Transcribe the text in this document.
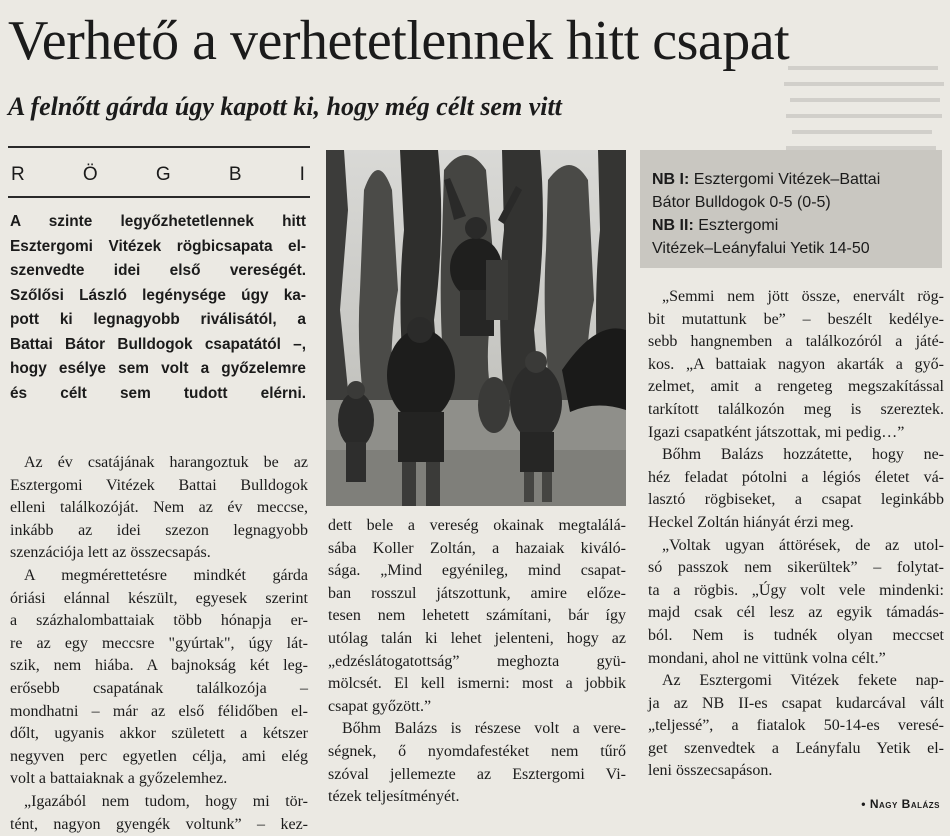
Verhető a verhetetlennek hitt csapat
A felnőtt gárda úgy kapott ki, hogy még célt sem vitt
R	Ö	G	B	I
A szinte legyőzhetetlennek hitt
Esztergomi Vitézek rögbicsapata el-
szenvedte idei első vereségét.
Szőlősi László legénysége úgy ka-
pott ki legnagyobb riválisától, a
Battai Bátor Bulldogok csapatától –,
hogy esélye sem volt a győzelemre
és célt sem tudott elérni.
Az év csatájának harangoztuk be az
Esztergomi Vitézek Battai Bulldogok
elleni találkozóját. Nem az év meccse,
inkább az idei szezon legnagyobb
szenzációja lett az összecsapás.
A megmérettetésre mindkét gárda
óriási elánnal készült, egyesek szerint
a százhalombattaiak több hónapja er-
re az egy meccsre "gyúrtak", úgy lát-
szik, nem hiába. A bajnokság két leg-
erősebb csapatának találkozója –
mondhatni – már az első félidőben el-
dőlt, ugyanis akkor született a kétszer
negyven perc egyetlen célja, ami elég
volt a battaiaknak a győzelemhez.
„Igazából nem tudom, hogy mi tör-
tént, nagyon gyengék voltunk” – kez-
dett bele a vereség okainak megtalálá-
sába Koller Zoltán, a hazaiak kiváló-
sága. „Mind egyénileg, mind csapat-
ban rosszul játszottunk, amire előze-
tesen nem lehetett számítani, bár így
utólag talán ki lehet jelenteni, hogy az
„edzéslátogatottság” meghozta gyü-
mölcsét. El kell ismerni: most a jobbik
csapat győzött.”
Bőhm Balázs is részese volt a vere-
ségnek, ő nyomdafestéket nem tűrő
szóval jellemezte az Esztergomi Vi-
tézek teljesítményét.
NB I: Esztergomi Vitézek–Battai
Bátor Bulldogok 0-5 (0-5)
NB II: Esztergomi
Vitézek–Leányfalui Yetik 14-50
„Semmi nem jött össze, enervált rög-
bit mutattunk be” – beszélt kedélye-
sebb hangnemben a találkozóról a játé-
kos. „A battaiak nagyon akarták a győ-
zelmet, amit a rengeteg megszakítással
tarkított találkozón meg is szereztek.
Igazi csapatként játszottak, mi pedig…”
Bőhm Balázs hozzátette, hogy ne-
héz feladat pótolni a légiós életet vá-
lasztó rögbiseket, a csapat leginkább
Heckel Zoltán hiányát érzi meg.
„Voltak ugyan áttörések, de az utol-
só passzok nem sikerültek” – folytat-
ta a rögbis. „Úgy volt vele mindenki:
majd csak cél lesz az egyik támadás-
ból. Nem is tudnék olyan meccset
mondani, ahol ne vittünk volna célt.”
Az Esztergomi Vitézek fekete nap-
ja az NB II-es csapat kudarcával vált
„teljessé”, a fiatalok 50-14-es veresé-
get szenvedtek a Leányfalu Yetik el-
leni összecsapáson.
• Nagy Balázs
